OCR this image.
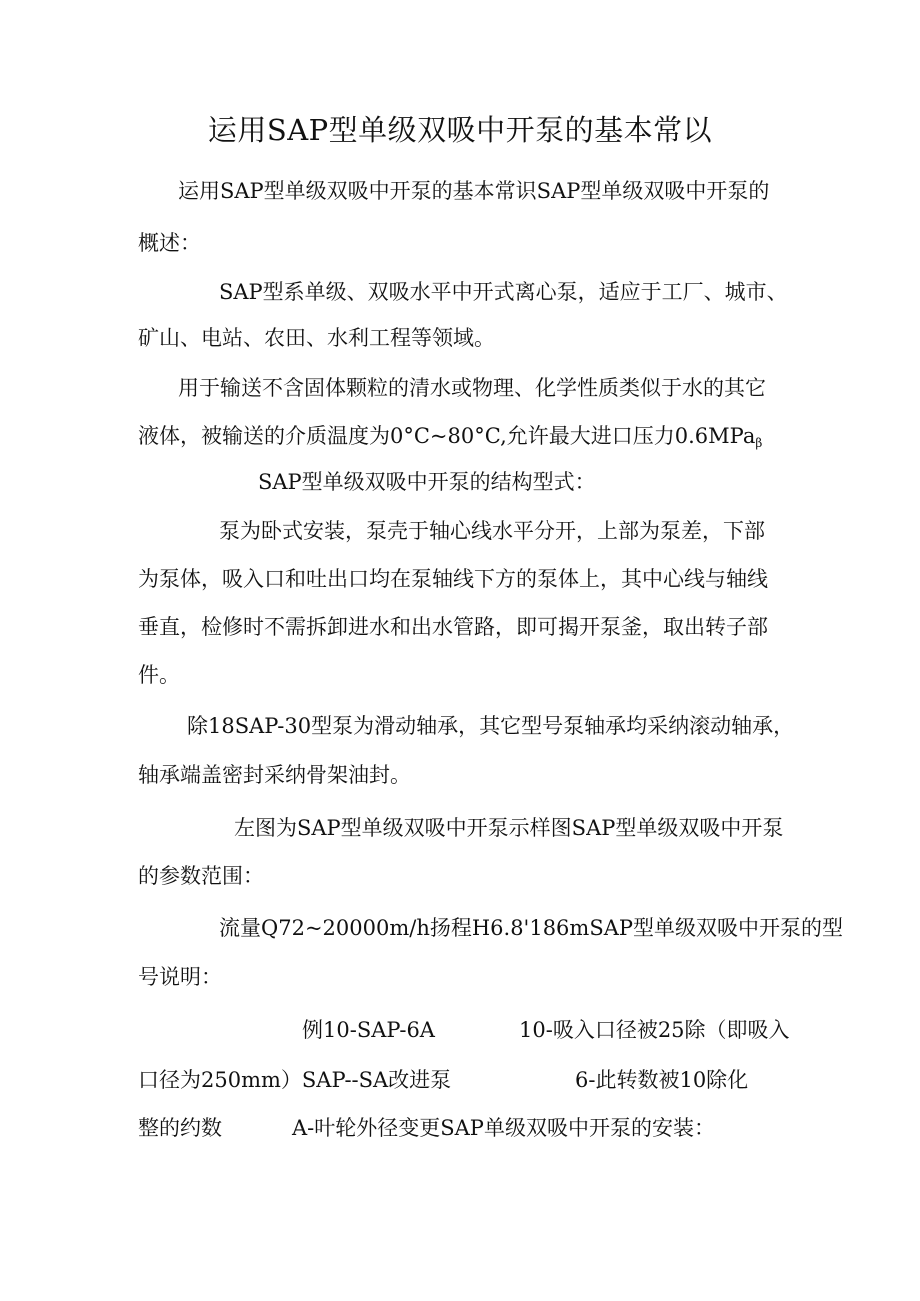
运用SAP型单级双吸中开泵的基本常以
运用SAP型单级双吸中开泵的基本常识SAP型单级双吸中开泵的
概述：
SAP型系单级、双吸水平中开式离心泵，适应于工厂、城市、
矿山、电站、农田、水利工程等领域。
用于输送不含固体颗粒的清水或物理、化学性质类似于水的其它
液体，被输送的介质温度为0°C~80°C,允许最大进口压力0.6MPa$_\beta$
SAP型单级双吸中开泵的结构型式：
泵为卧式安装，泵壳于轴心线水平分开，上部为泵差，下部
为泵体，吸入口和吐出口均在泵轴线下方的泵体上，其中心线与轴线
垂直，检修时不需拆卸进水和出水管路，即可揭开泵釜，取出转子部
件。
除18SAP-30型泵为滑动轴承，其它型号泵轴承均采纳滚动轴承，
轴承端盖密封采纳骨架油封。
左图为SAP型单级双吸中开泵示样图SAP型单级双吸中开泵
的参数范围：
流量Q72~20000m/h扬程H6.8'186mSAP型单级双吸中开泵的型
号说明：
例10-SAP-6A	10-吸入口径被25除（即吸入
口径为250mm）SAP--SA改进泵	6-此转数被10除化
整的约数	A-叶轮外径变更SAP单级双吸中开泵的安装：
